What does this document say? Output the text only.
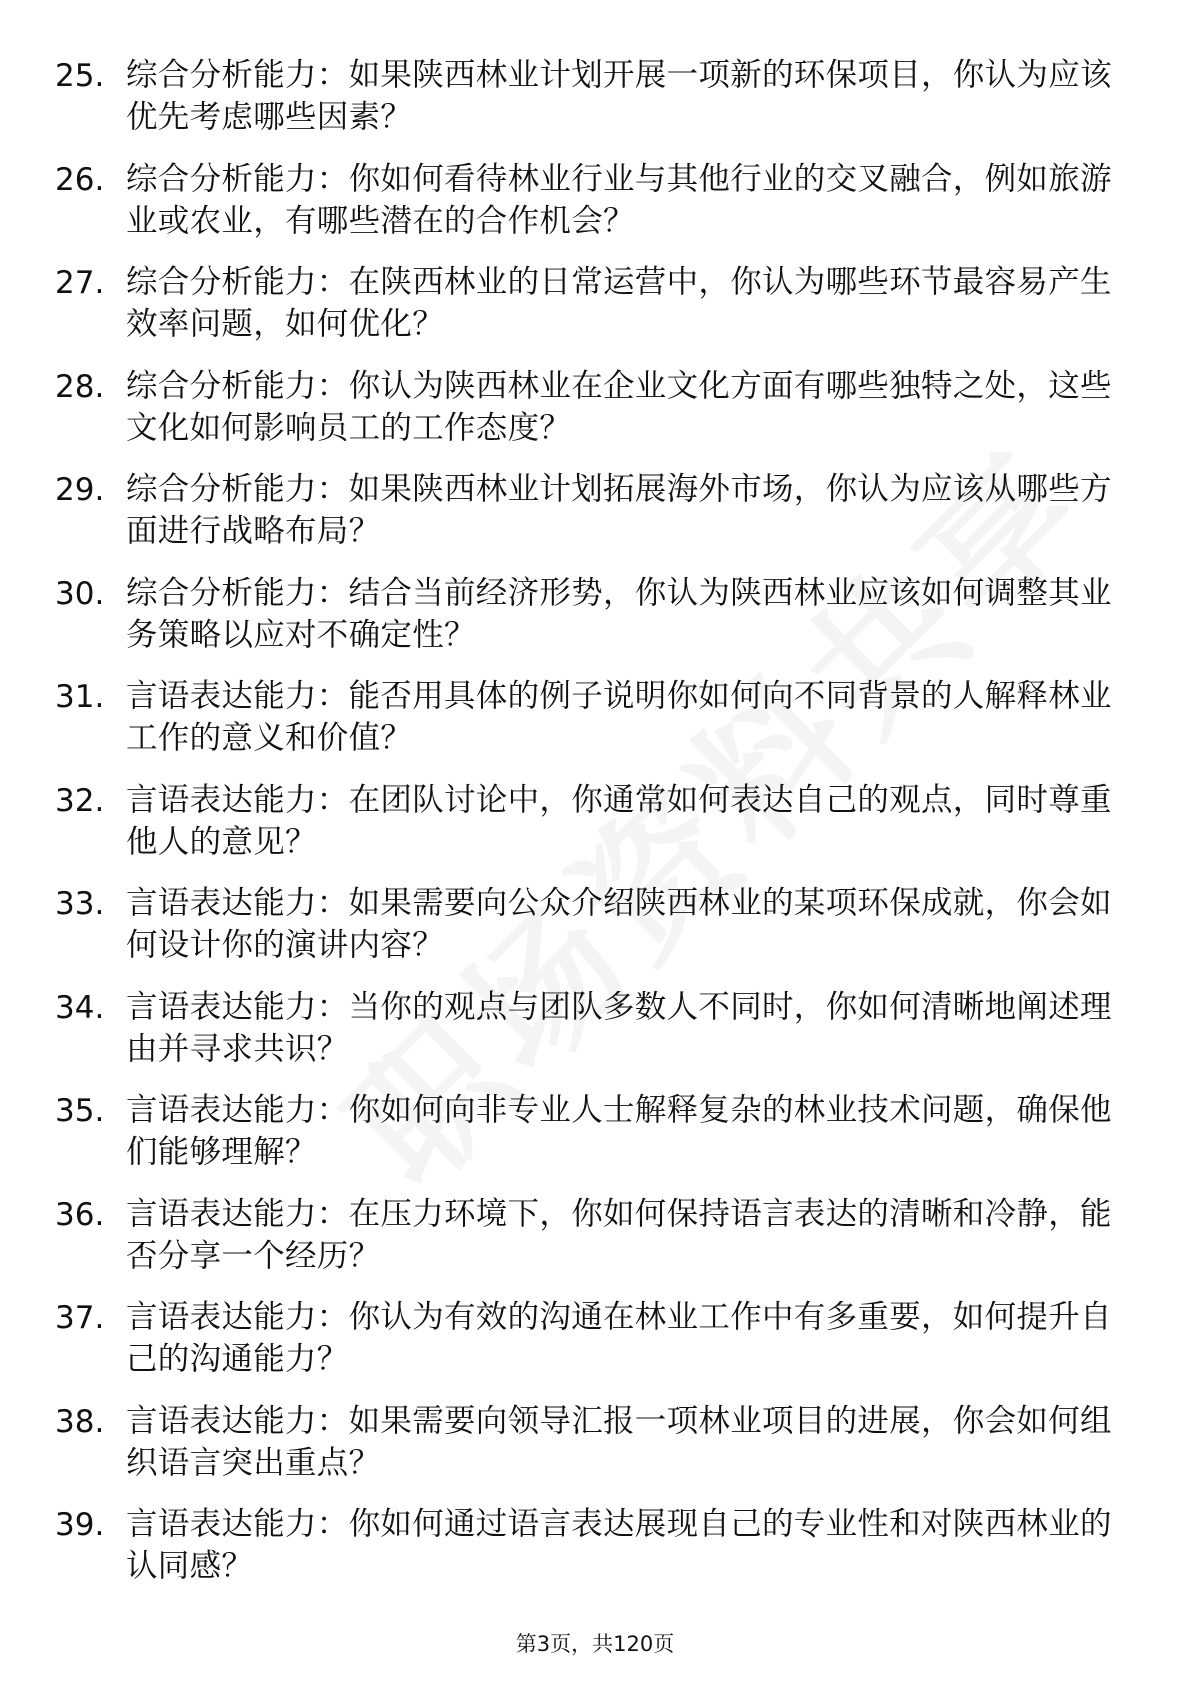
25. 综合分析能力：如果陕西林业计划开展一项新的环保项目，你认为应该优先考虑哪些因素？
26. 综合分析能力：你如何看待林业行业与其他行业的交叉融合，例如旅游业或农业，有哪些潜在的合作机会？
27. 综合分析能力：在陕西林业的日常运营中，你认为哪些环节最容易产生效率问题，如何优化？
28. 综合分析能力：你认为陕西林业在企业文化方面有哪些独特之处，这些文化如何影响员工的工作态度？
29. 综合分析能力：如果陕西林业计划拓展海外市场，你认为应该从哪些方面进行战略布局？
30. 综合分析能力：结合当前经济形势，你认为陕西林业应该如何调整其业务策略以应对不确定性？
31. 言语表达能力：能否用具体的例子说明你如何向不同背景的人解释林业工作的意义和价值？
32. 言语表达能力：在团队讨论中，你通常如何表达自己的观点，同时尊重他人的意见？
33. 言语表达能力：如果需要向公众介绍陕西林业的某项环保成就，你会如何设计你的演讲内容？
34. 言语表达能力：当你的观点与团队多数人不同时，你如何清晰地阐述理由并寻求共识？
35. 言语表达能力：你如何向非专业人士解释复杂的林业技术问题，确保他们能够理解？
36. 言语表达能力：在压力环境下，你如何保持语言表达的清晰和冷静，能否分享一个经历？
37. 言语表达能力：你认为有效的沟通在林业工作中有多重要，如何提升自己的沟通能力？
38. 言语表达能力：如果需要向领导汇报一项林业项目的进展，你会如何组织语言突出重点？
39. 言语表达能力：你如何通过语言表达展现自己的专业性和对陕西林业的认同感？
第3页，共120页
